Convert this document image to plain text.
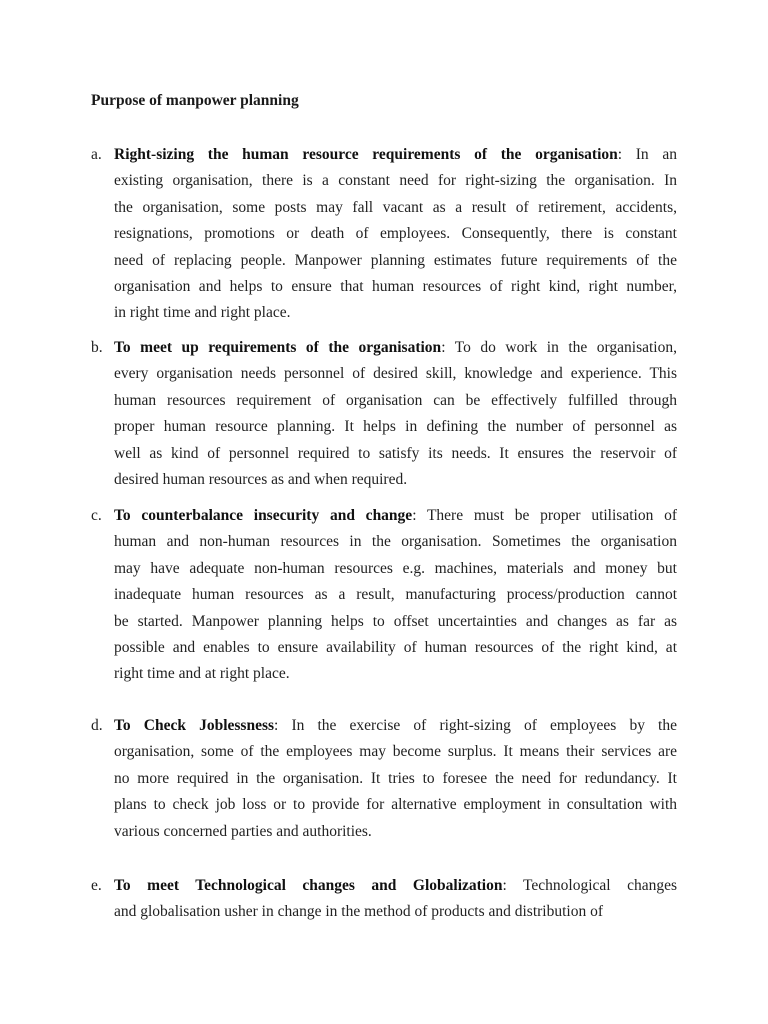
Purpose of manpower planning
a. Right-sizing the human resource requirements of the organisation: In an
existing organisation, there is a constant need for right-sizing the organisation. In
the organisation, some posts may fall vacant as a result of retirement, accidents,
resignations, promotions or death of employees. Consequently, there is constant
need of replacing people. Manpower planning estimates future requirements of the
organisation and helps to ensure that human resources of right kind, right number,
in right time and right place.
b. To meet up requirements of the organisation: To do work in the organisation,
every organisation needs personnel of desired skill, knowledge and experience. This
human resources requirement of organisation can be effectively fulfilled through
proper human resource planning. It helps in defining the number of personnel as
well as kind of personnel required to satisfy its needs. It ensures the reservoir of
desired human resources as and when required.
c. To counterbalance insecurity and change: There must be proper utilisation of
human and non-human resources in the organisation. Sometimes the organisation
may have adequate non-human resources e.g. machines, materials and money but
inadequate human resources as a result, manufacturing process/production cannot
be started. Manpower planning helps to offset uncertainties and changes as far as
possible and enables to ensure availability of human resources of the right kind, at
right time and at right place.
d. To Check Joblessness: In the exercise of right-sizing of employees by the
organisation, some of the employees may become surplus. It means their services are
no more required in the organisation. It tries to foresee the need for redundancy. It
plans to check job loss or to provide for alternative employment in consultation with
various concerned parties and authorities.
e. To meet Technological changes and Globalization: Technological changes
and globalisation usher in change in the method of products and distribution of
